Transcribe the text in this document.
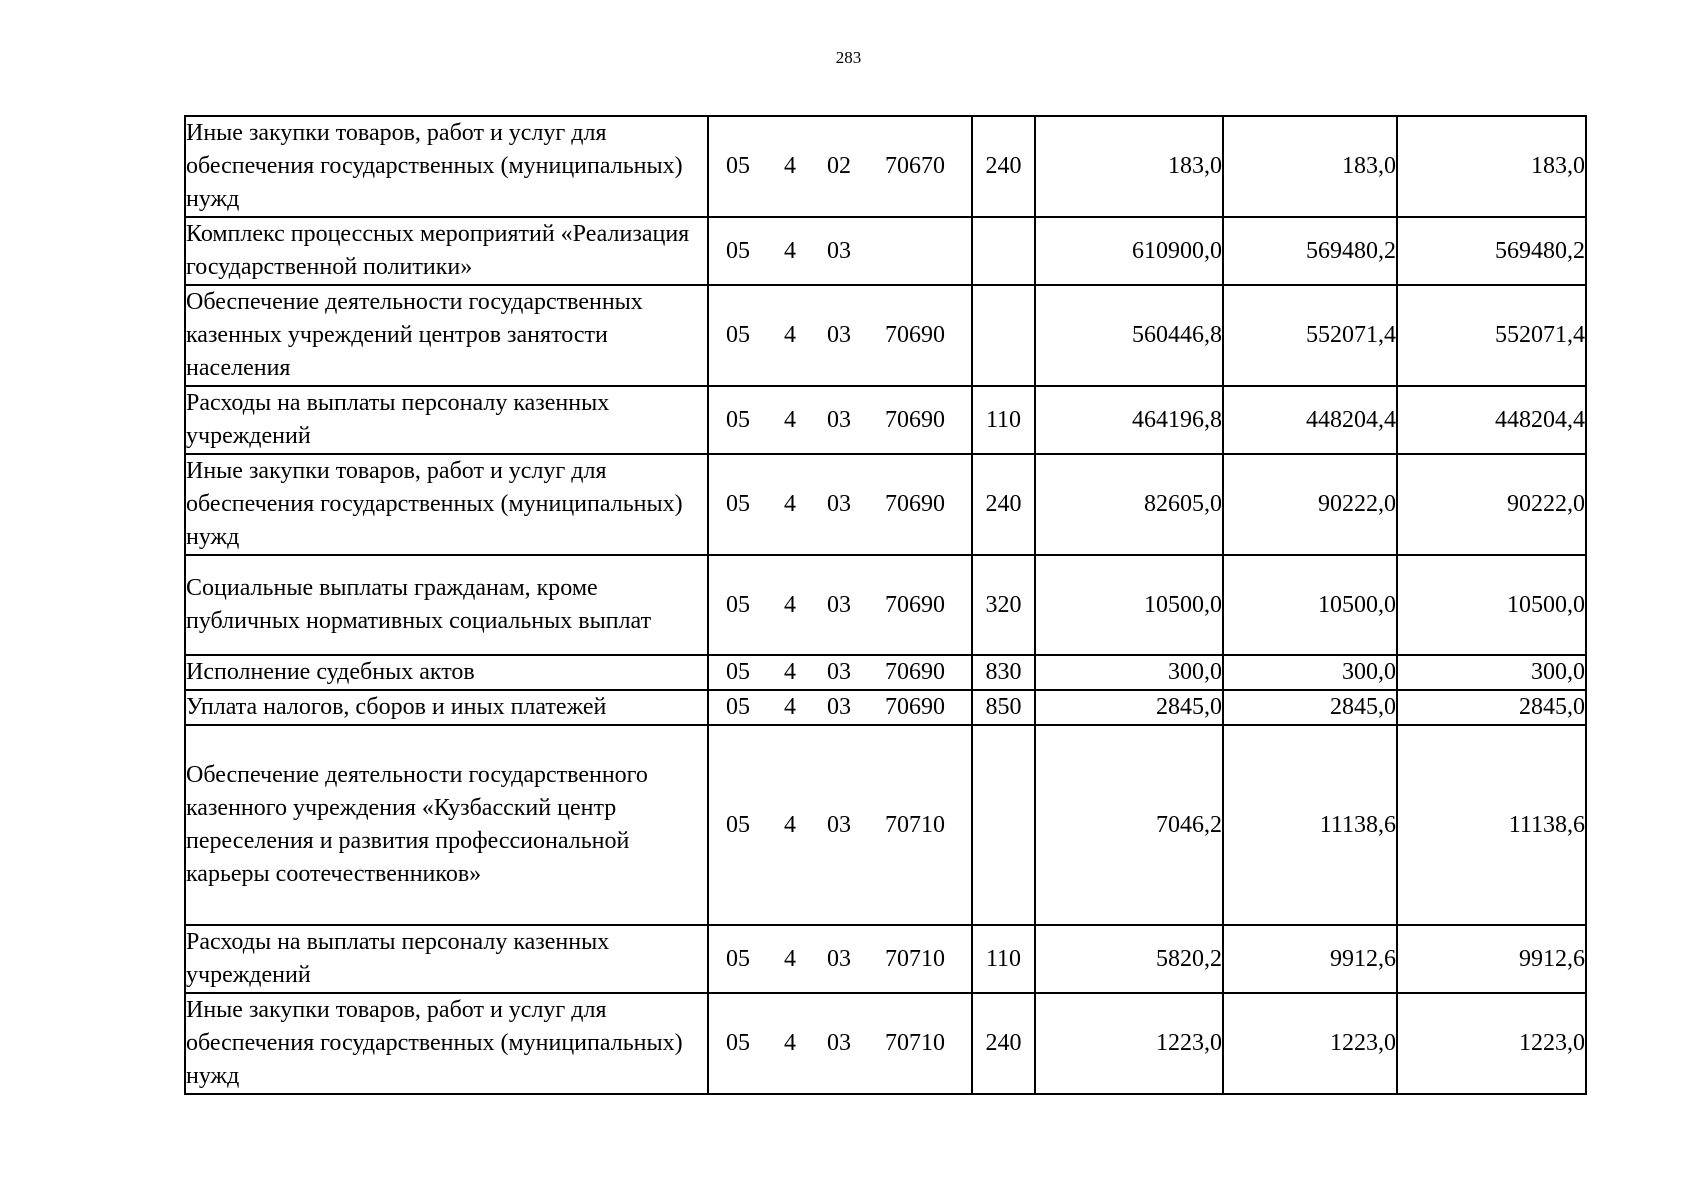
283
Иные закупки товаров, работ и услуг для обеспечения государственных (муниципальных) нужд	05 4 02 70670	240	183,0	183,0	183,0
Комплекс процессных мероприятий «Реализация государственной политики»	05 4 03		610900,0	569480,2	569480,2
Обеспечение деятельности государственных казенных учреждений центров занятости населения	05 4 03 70690		560446,8	552071,4	552071,4
Расходы на выплаты персоналу казенных учреждений	05 4 03 70690	110	464196,8	448204,4	448204,4
Иные закупки товаров, работ и услуг для обеспечения государственных (муниципальных) нужд	05 4 03 70690	240	82605,0	90222,0	90222,0
Социальные выплаты гражданам, кроме публичных нормативных социальных выплат	05 4 03 70690	320	10500,0	10500,0	10500,0
Исполнение судебных актов	05 4 03 70690	830	300,0	300,0	300,0
Уплата налогов, сборов и иных платежей	05 4 03 70690	850	2845,0	2845,0	2845,0
Обеспечение деятельности государственного казенного учреждения «Кузбасский центр переселения и развития профессиональной карьеры соотечественников»	05 4 03 70710		7046,2	11138,6	11138,6
Расходы на выплаты персоналу казенных учреждений	05 4 03 70710	110	5820,2	9912,6	9912,6
Иные закупки товаров, работ и услуг для обеспечения государственных (муниципальных) нужд	05 4 03 70710	240	1223,0	1223,0	1223,0
